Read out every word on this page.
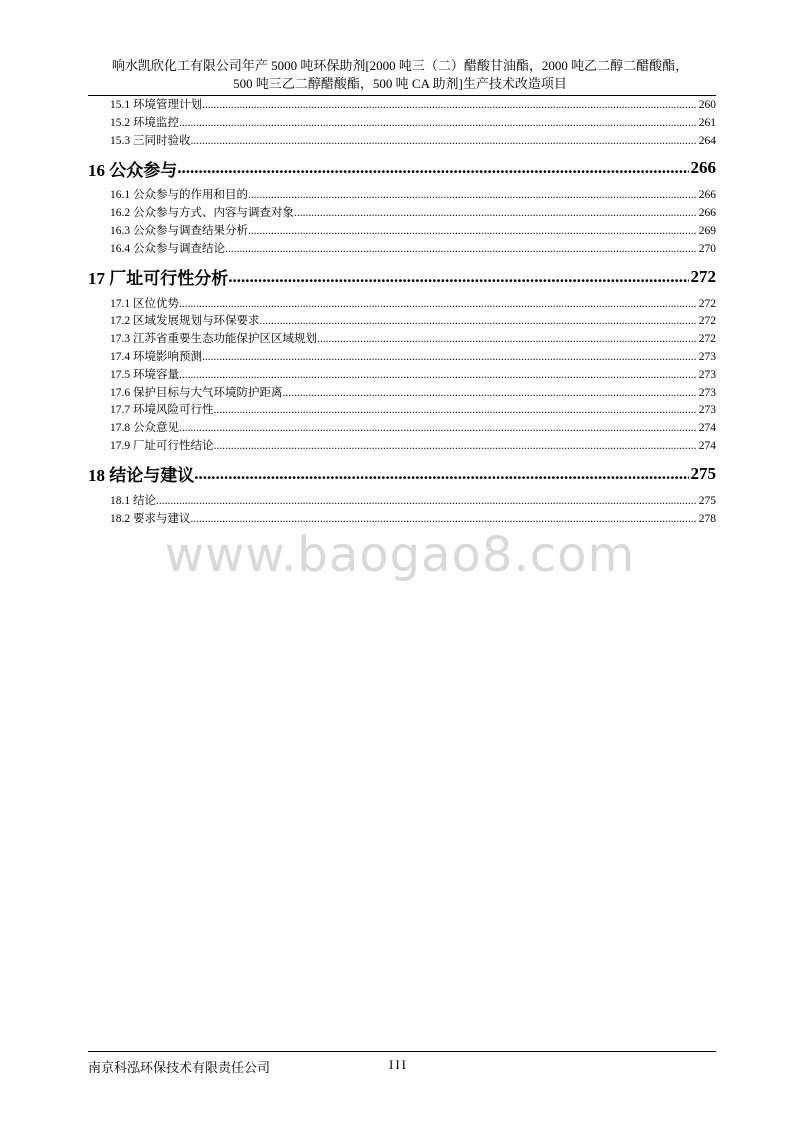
响水凯欣化工有限公司年产 5000 吨环保助剂[2000 吨三（二）醋酸甘油酯，2000 吨乙二醇二醋酸酯，
500 吨三乙二醇醋酸酯，500 吨 CA 助剂]生产技术改造项目
15.1 环境管理计划 .....	260
15.2 环境监控 .....	261
15.3 三同时验收 .....	264
16 公众参与 .....	266
16.1 公众参与的作用和目的 .....	266
16.2 公众参与方式、内容与调查对象 .....	266
16.3 公众参与调查结果分析 .....	269
16.4 公众参与调查结论 .....	270
17 厂址可行性分析 .....	272
17.1 区位优势 .....	272
17.2 区域发展规划与环保要求 .....	272
17.3 江苏省重要生态功能保护区区域规划 .....	272
17.4 环境影响预测 .....	273
17.5 环境容量 .....	273
17.6 保护目标与大气环境防护距离 .....	273
17.7 环境风险可行性 .....	273
17.8 公众意见 .....	274
17.9 厂址可行性结论 .....	274
18 结论与建议 .....	275
18.1 结论 .....	275
18.2 要求与建议 .....	278
www.baogao8.com
南京科泓环保技术有限责任公司	III
